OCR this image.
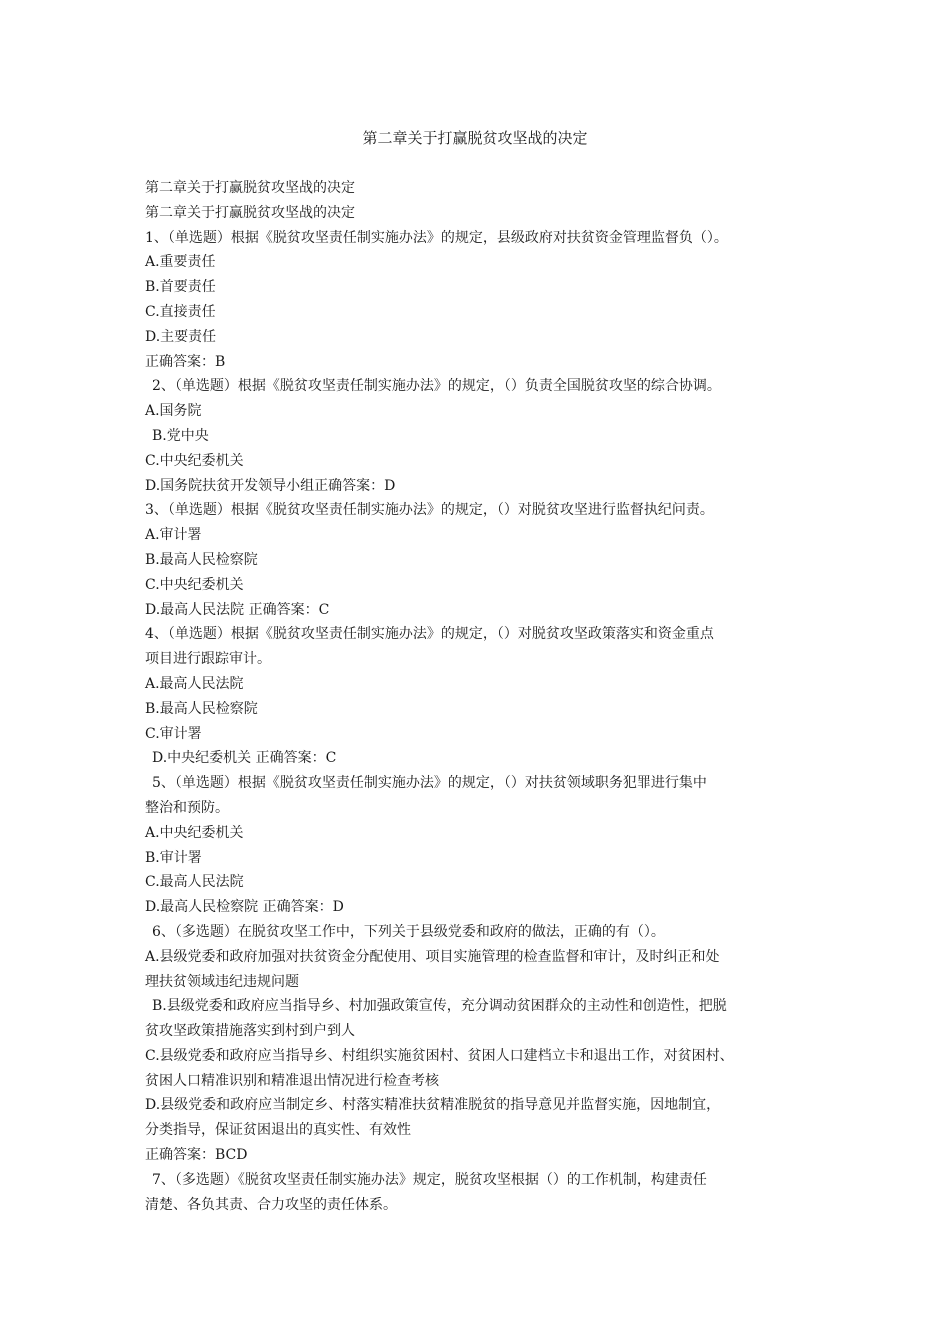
第二章关于打赢脱贫攻坚战的决定
第二章关于打赢脱贫攻坚战的决定
第二章关于打赢脱贫攻坚战的决定
1、（单选题）根据《脱贫攻坚责任制实施办法》的规定，县级政府对扶贫资金管理监督负（）。
A.重要责任
B.首要责任
C.直接责任
D.主要责任
正确答案：B
2、（单选题）根据《脱贫攻坚责任制实施办法》的规定，（）负责全国脱贫攻坚的综合协调。
A.国务院
B.党中央
C.中央纪委机关
D.国务院扶贫开发领导小组正确答案：D
3、（单选题）根据《脱贫攻坚责任制实施办法》的规定，（）对脱贫攻坚进行监督执纪问责。
A.审计署
B.最高人民检察院
C.中央纪委机关
D.最高人民法院 正确答案：C
4、（单选题）根据《脱贫攻坚责任制实施办法》的规定，（）对脱贫攻坚政策落实和资金重点
项目进行跟踪审计。
A.最高人民法院
B.最高人民检察院
C.审计署
D.中央纪委机关 正确答案：C
5、（单选题）根据《脱贫攻坚责任制实施办法》的规定，（）对扶贫领域职务犯罪进行集中
整治和预防。
A.中央纪委机关
B.审计署
C.最高人民法院
D.最高人民检察院 正确答案：D
6、（多选题）在脱贫攻坚工作中，下列关于县级党委和政府的做法，正确的有（）。
A.县级党委和政府加强对扶贫资金分配使用、项目实施管理的检查监督和审计，及时纠正和处
理扶贫领域违纪违规问题
B.县级党委和政府应当指导乡、村加强政策宣传，充分调动贫困群众的主动性和创造性，把脱
贫攻坚政策措施落实到村到户到人
C.县级党委和政府应当指导乡、村组织实施贫困村、贫困人口建档立卡和退出工作，对贫困村、
贫困人口精准识别和精准退出情况进行检查考核
D.县级党委和政府应当制定乡、村落实精准扶贫精准脱贫的指导意见并监督实施，因地制宜，
分类指导，保证贫困退出的真实性、有效性
正确答案：BCD
7、（多选题）《脱贫攻坚责任制实施办法》规定，脱贫攻坚根据（）的工作机制，构建责任
清楚、各负其责、合力攻坚的责任体系。
